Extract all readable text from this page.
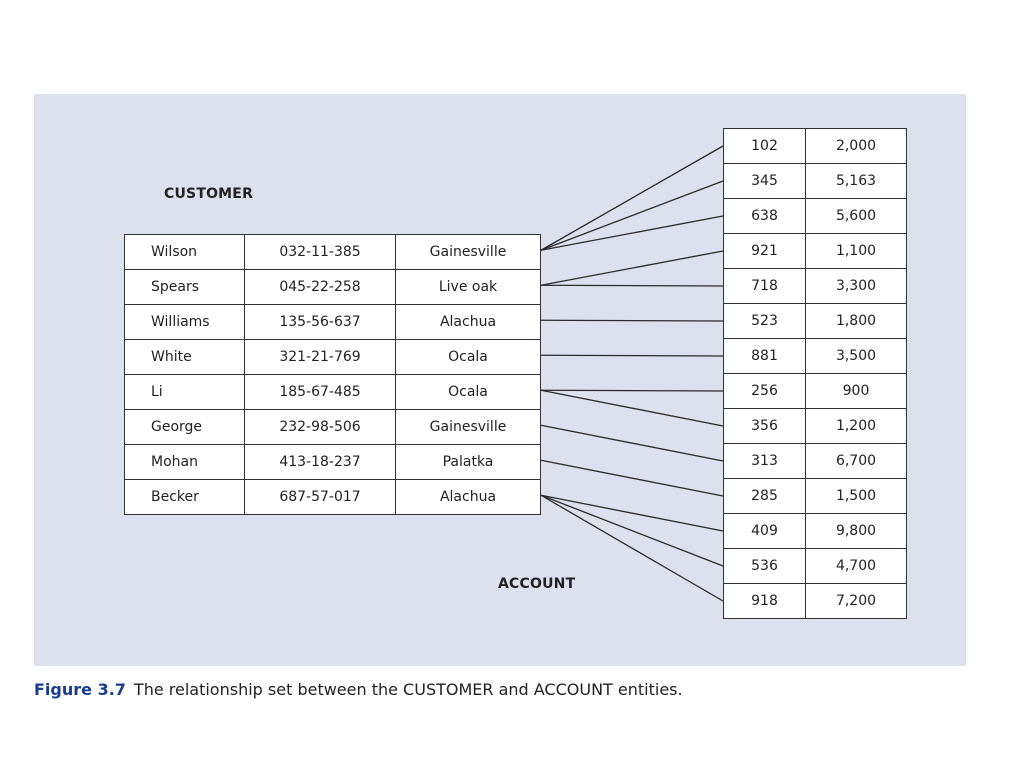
CUSTOMER
ACCOUNT
Wilson	032-11-385	Gainesville
Spears	045-22-258	Live oak
Williams	135-56-637	Alachua
White	321-21-769	Ocala
Li	185-67-485	Ocala
George	232-98-506	Gainesville
Mohan	413-18-237	Palatka
Becker	687-57-017	Alachua
102	2,000
345	5,163
638	5,600
921	1,100
718	3,300
523	1,800
881	3,500
256	900
356	1,200
313	6,700
285	1,500
409	9,800
536	4,700
918	7,200
Figure 3.7 The relationship set between the CUSTOMER and ACCOUNT entities.
